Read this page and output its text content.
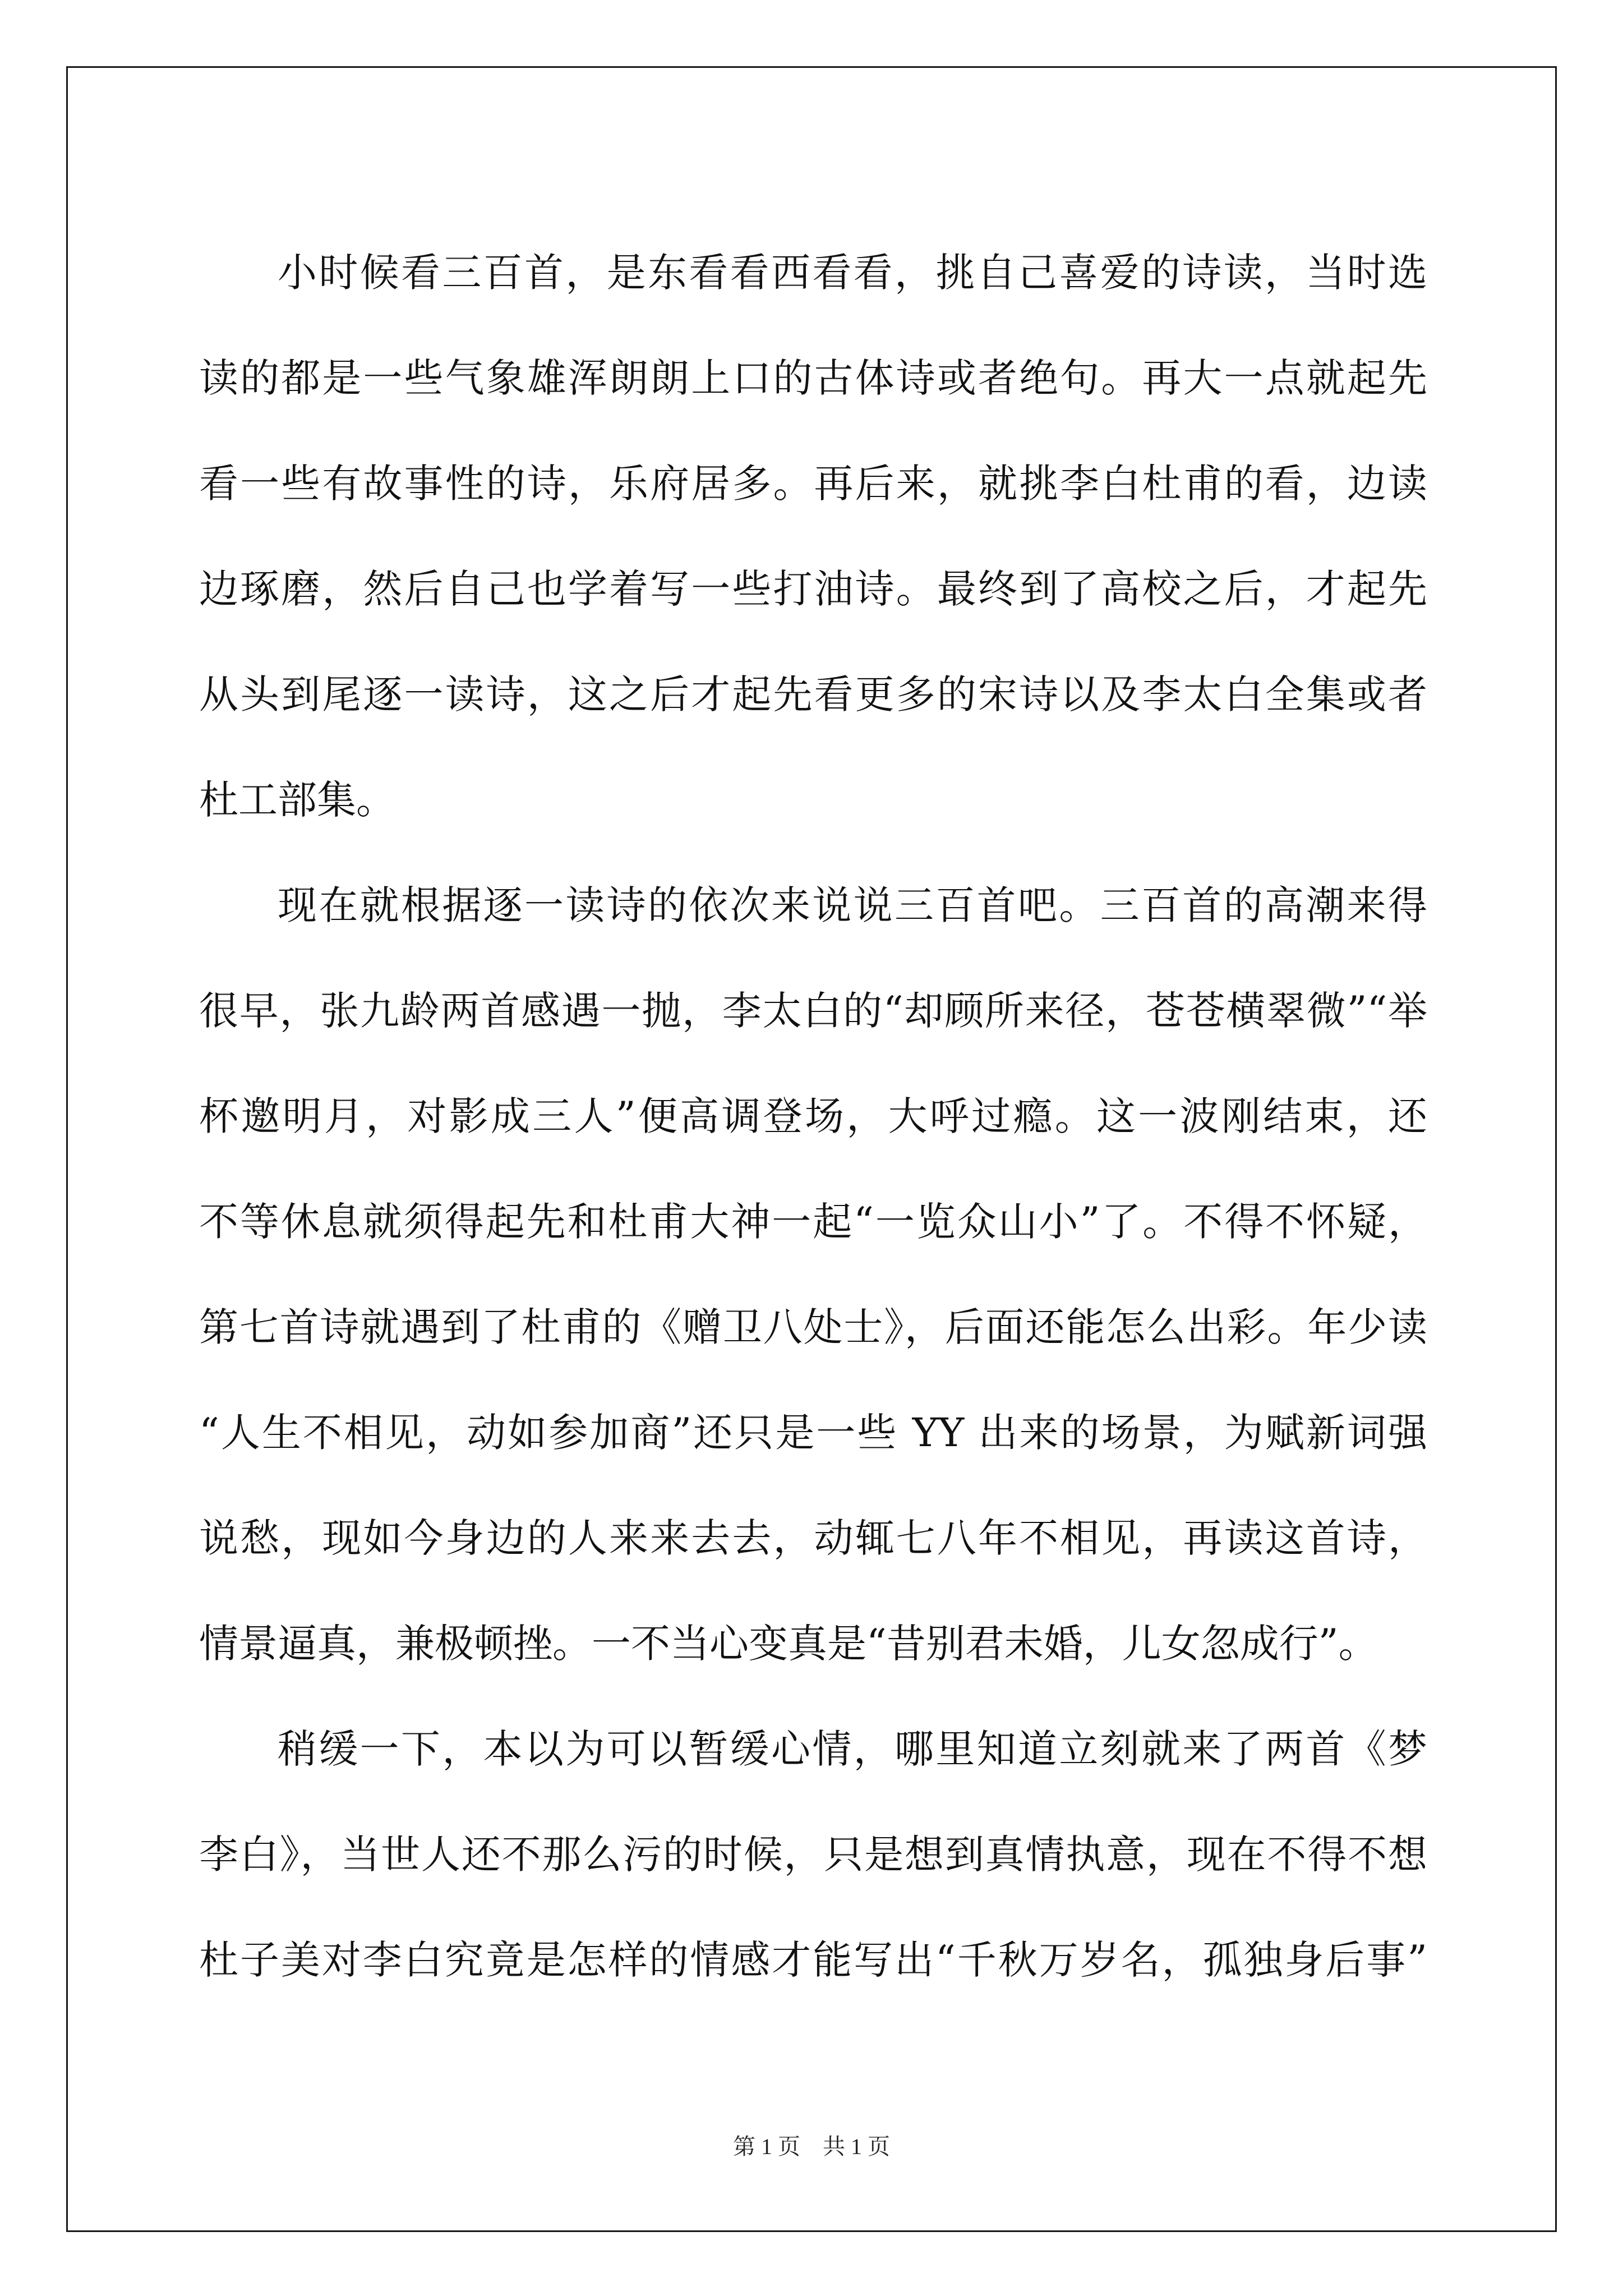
小时候看三百首，是东看看西看看，挑自己喜爱的诗读，当时选
读的都是一些气象雄浑朗朗上口的古体诗或者绝句。再大一点就起先
看一些有故事性的诗，乐府居多。再后来，就挑李白杜甫的看，边读
边琢磨，然后自己也学着写一些打油诗。最终到了高校之后，才起先
从头到尾逐一读诗，这之后才起先看更多的宋诗以及李太白全集或者
杜工部集。
现在就根据逐一读诗的依次来说说三百首吧。三百首的高潮来得
很早，张九龄两首感遇一抛，李太白的“却顾所来径，苍苍横翠微”“举
杯邀明月，对影成三人”便高调登场，大呼过瘾。这一波刚结束，还
不等休息就须得起先和杜甫大神一起“一览众山小”了。不得不怀疑，
第七首诗就遇到了杜甫的《赠卫八处士》，后面还能怎么出彩。年少读
“人生不相见，动如参加商”还只是一些 YY 出来的场景，为赋新词强
说愁，现如今身边的人来来去去，动辄七八年不相见，再读这首诗，
情景逼真，兼极顿挫。一不当心变真是“昔别君未婚，儿女忽成行”。
稍缓一下，本以为可以暂缓心情，哪里知道立刻就来了两首《梦
李白》，当世人还不那么污的时候，只是想到真情执意，现在不得不想
杜子美对李白究竟是怎样的情感才能写出“千秋万岁名，孤独身后事”
第 1 页 共 1 页
